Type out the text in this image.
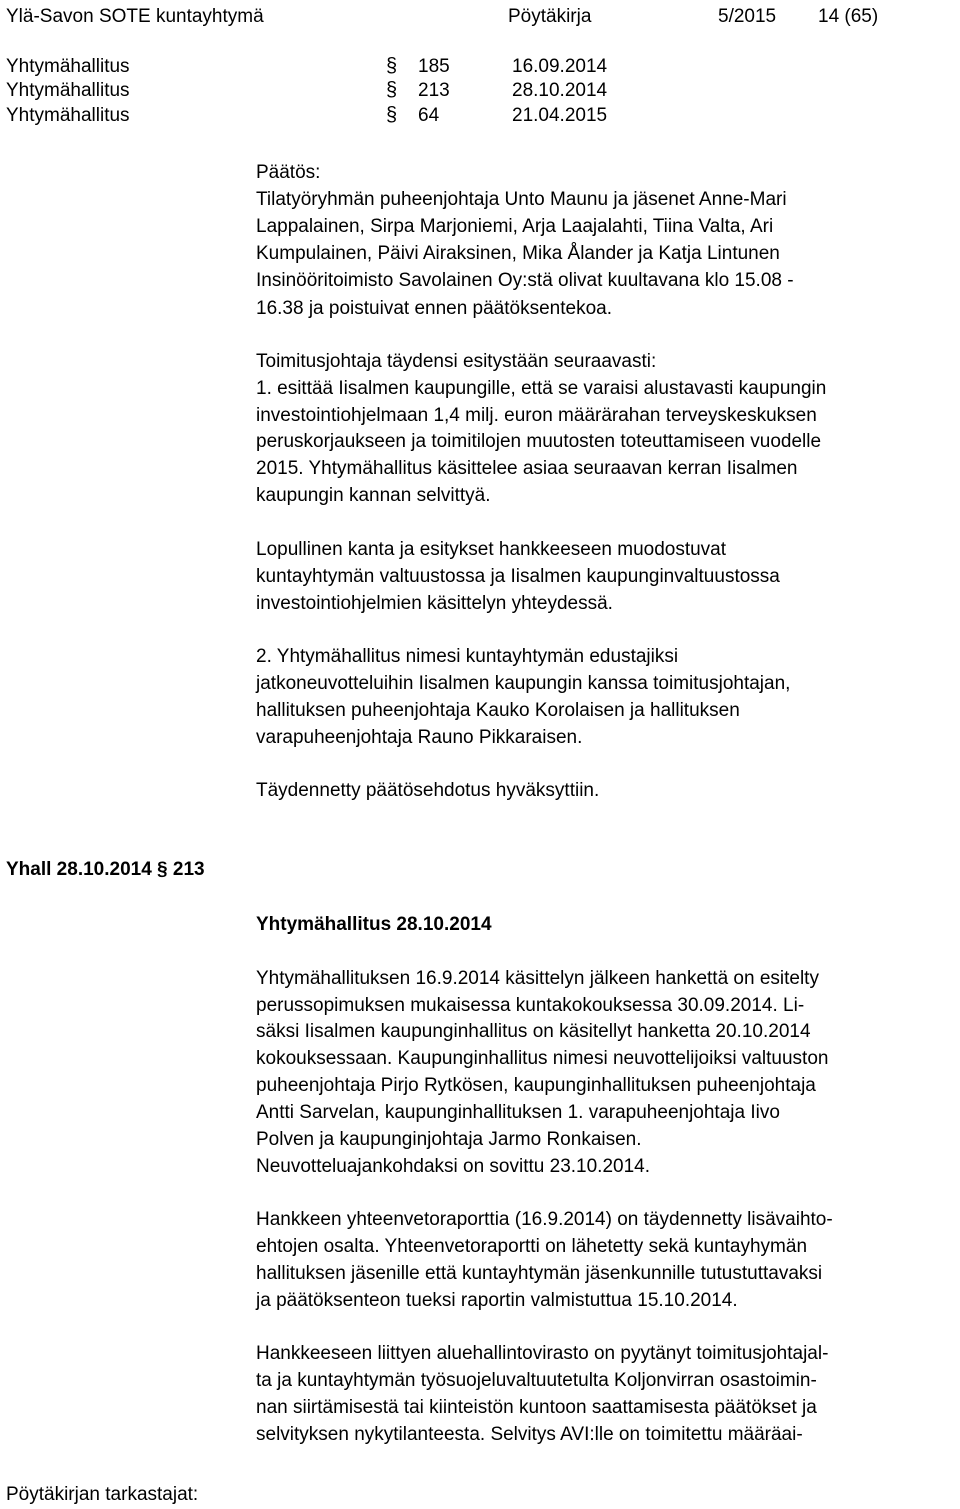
Ylä-Savon SOTE kuntayhtymä	Pöytäkirja	5/2015 14 (65)
Yhtymähallitus	§ 185	16.09.2014
Yhtymähallitus	§ 213	28.10.2014
Yhtymähallitus	§ 64	21.04.2015
Päätös:
Tilatyöryhmän puheenjohtaja Unto Maunu ja jäsenet Anne-Mari
Lappalainen, Sirpa Marjoniemi, Arja Laajalahti, Tiina Valta, Ari
Kumpulainen, Päivi Airaksinen, Mika Ålander ja Katja Lintunen
Insinööritoimisto Savolainen Oy:stä olivat kuultavana klo 15.08 -
16.38 ja poistuivat ennen päätöksentekoa.
Toimitusjohtaja täydensi esitystään seuraavasti:
1. esittää Iisalmen kaupungille, että se varaisi alustavasti kaupungin
investointiohjelmaan 1,4 milj. euron määrärahan terveyskeskuksen
peruskorjaukseen ja toimitilojen muutosten toteuttamiseen vuodelle
2015. Yhtymähallitus käsittelee asiaa seuraavan kerran Iisalmen
kaupungin kannan selvittyä.
Lopullinen kanta ja esitykset hankkeeseen muodostuvat
kuntayhtymän valtuustossa ja Iisalmen kaupunginvaltuustossa
investointiohjelmien käsittelyn yhteydessä.
2. Yhtymähallitus nimesi kuntayhtymän edustajiksi
jatkoneuvotteluihin Iisalmen kaupungin kanssa toimitusjohtajan,
hallituksen puheenjohtaja Kauko Korolaisen ja hallituksen
varapuheenjohtaja Rauno Pikkaraisen.
Täydennetty päätösehdotus hyväksyttiin.
Yhall 28.10.2014 § 213
Yhtymähallitus 28.10.2014
Yhtymähallituksen 16.9.2014 käsittelyn jälkeen hankettä on esitelty
perussopimuksen mukaisessa kuntakokouksessa 30.09.2014. Li-
säksi Iisalmen kaupunginhallitus on käsitellyt hanketta 20.10.2014
kokouksessaan. Kaupunginhallitus nimesi neuvottelijoiksi valtuuston
puheenjohtaja Pirjo Rytkösen, kaupunginhallituksen puheenjohtaja
Antti Sarvelan, kaupunginhallituksen 1. varapuheenjohtaja Iivo
Polven ja kaupunginjohtaja Jarmo Ronkaisen.
Neuvotteluajankohdaksi on sovittu 23.10.2014.
Hankkeen yhteenvetoraporttia (16.9.2014) on täydennetty lisävaihto-
ehtojen osalta. Yhteenvetoraportti on lähetetty sekä kuntayhymän
hallituksen jäsenille että kuntayhtymän jäsenkunnille tutustuttavaksi
ja päätöksenteon tueksi raportin valmistuttua 15.10.2014.
Hankkeeseen liittyen aluehallintovirasto on pyytänyt toimitusjohtajal-
ta ja kuntayhtymän työsuojeluvaltuutetulta Koljonvirran osastoimin-
nan siirtämisestä tai kiinteistön kuntoon saattamisesta päätökset ja
selvityksen nykytilanteesta. Selvitys AVI:lle on toimitettu määräai-
Pöytäkirjan tarkastajat:
